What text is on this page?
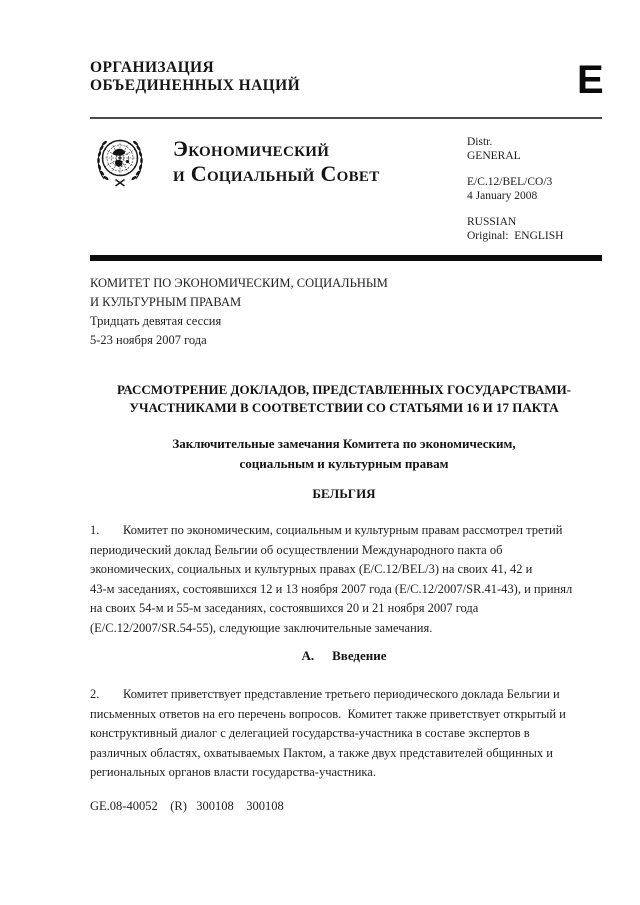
ОРГАНИЗАЦИЯ
ОБЪЕДИНЕННЫХ НАЦИЙ	E
Экономический
и Социальный Совет
Distr.
GENERAL
E/C.12/BEL/CO/3
4 January 2008
RUSSIAN
Original:  ENGLISH
КОМИТЕТ ПО ЭКОНОМИЧЕСКИМ, СОЦИАЛЬНЫМ
И КУЛЬТУРНЫМ ПРАВАМ
Тридцать девятая сессия
5-23 ноября 2007 года
РАССМОТРЕНИЕ ДОКЛАДОВ, ПРЕДСТАВЛЕННЫХ ГОСУДАРСТВАМИ-
УЧАСТНИКАМИ В СООТВЕТСТВИИ СО СТАТЬЯМИ 16 И 17 ПАКТА
Заключительные замечания Комитета по экономическим,
социальным и культурным правам
БЕЛЬГИЯ
1. Комитет по экономическим, социальным и культурным правам рассмотрел третий
периодический доклад Бельгии об осуществлении Международного пакта об
экономических, социальных и культурных правах (E/C.12/BEL/3) на своих 41, 42 и
43-м заседаниях, состоявшихся 12 и 13 ноября 2007 года (E/C.12/2007/SR.41-43), и принял
на своих 54-м и 55-м заседаниях, состоявшихся 20 и 21 ноября 2007 года
(E/C.12/2007/SR.54-55), следующие заключительные замечания.
A. Введение
2. Комитет приветствует представление третьего периодического доклада Бельгии и
письменных ответов на его перечень вопросов.  Комитет также приветствует открытый и
конструктивный диалог с делегацией государства-участника в составе экспертов в
различных областях, охватываемых Пактом, а также двух представителей общинных и
региональных органов власти государства-участника.
GE.08-40052    (R)   300108    300108
